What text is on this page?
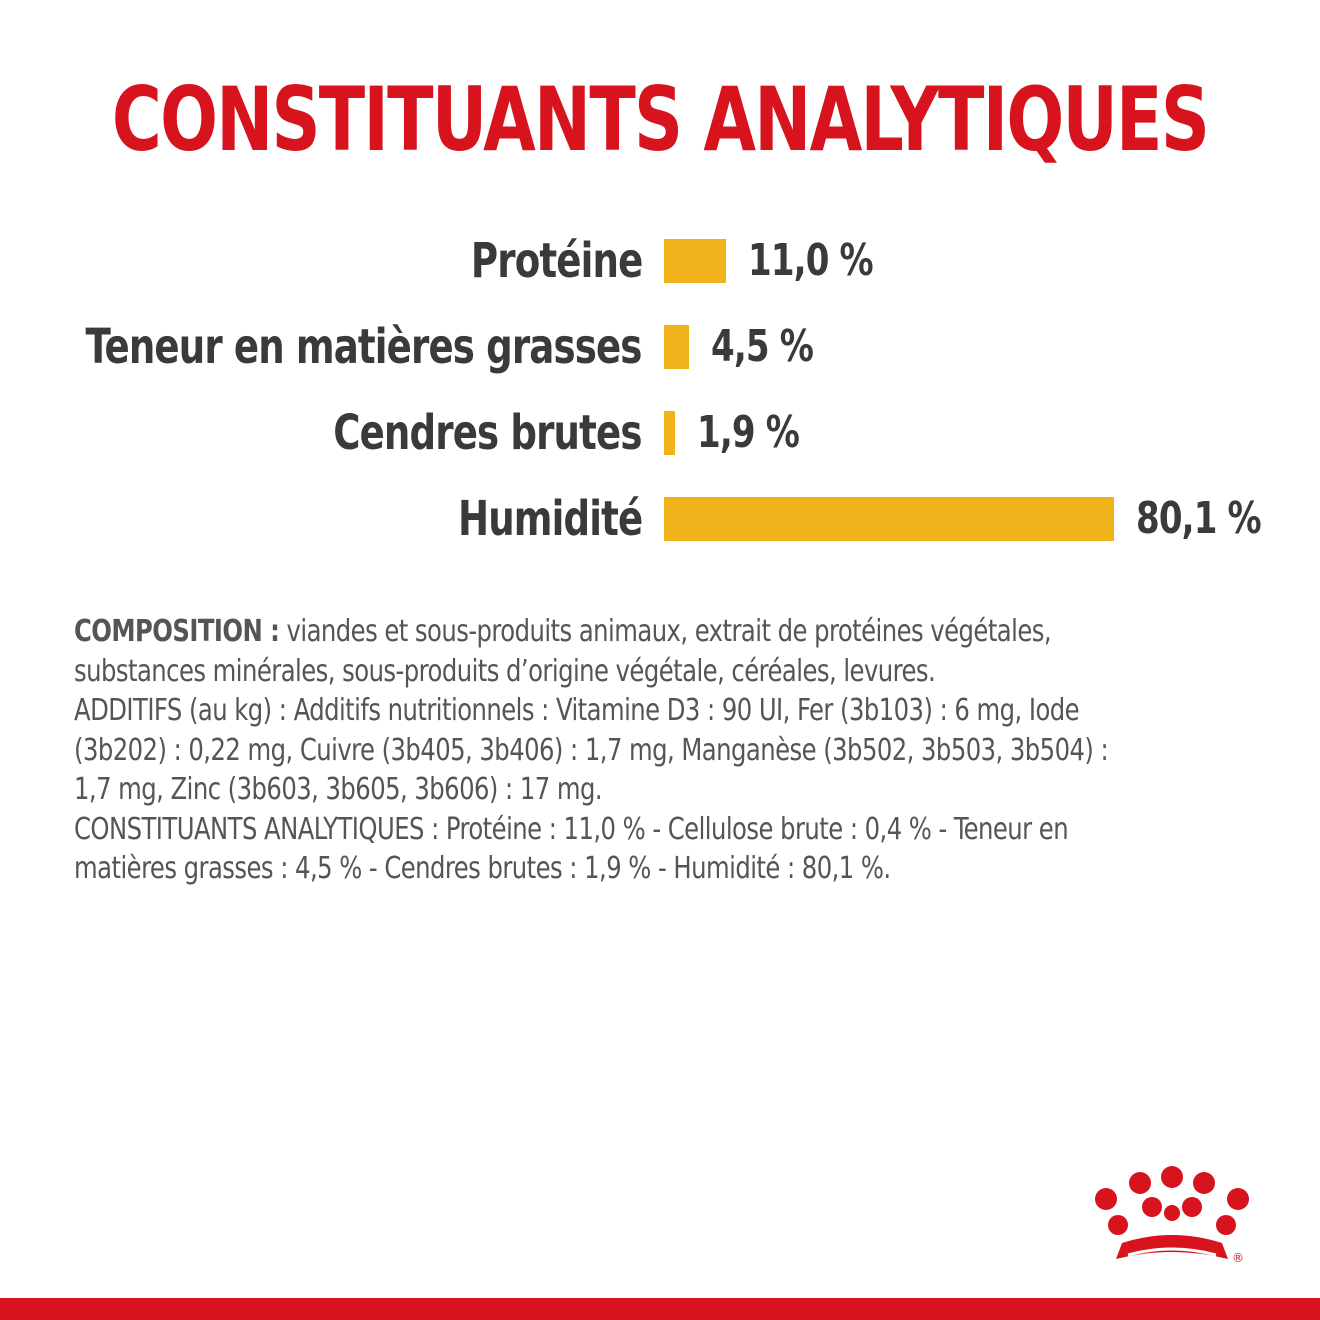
CONSTITUANTS ANALYTIQUES

COMPOSITION : viandes et sous-produits animaux, extrait de protéines végétales, substances minérales, sous-produits d’origine végétale, céréales, levures.

ADDITIFS (au kg) : Additifs nutritionnels : Vitamine D3 : 90 UI, Fer (3b103) : 6 mg, Iode (3b202) : 0,22 mg, Cuivre (3b405, 3b406) : 1,7 mg, Manganèse (3b502, 3b503, 3b504) : 1,7 mg, Zinc (3b603, 3b605, 3b606) : 17 mg.

CONSTITUANTS ANALYTIQUES : Protéine : 11,0 % - Cellulose brute : 0,4 % - Teneur en matières grasses : 4,5 % - Cendres brutes : 1,9 % - Humidité : 80,1 %.

®
Protéine 11,0 %
Teneur en matières grasses 4,5 %
Cendres brutes 1,9 %
Humidité	80,1 %
